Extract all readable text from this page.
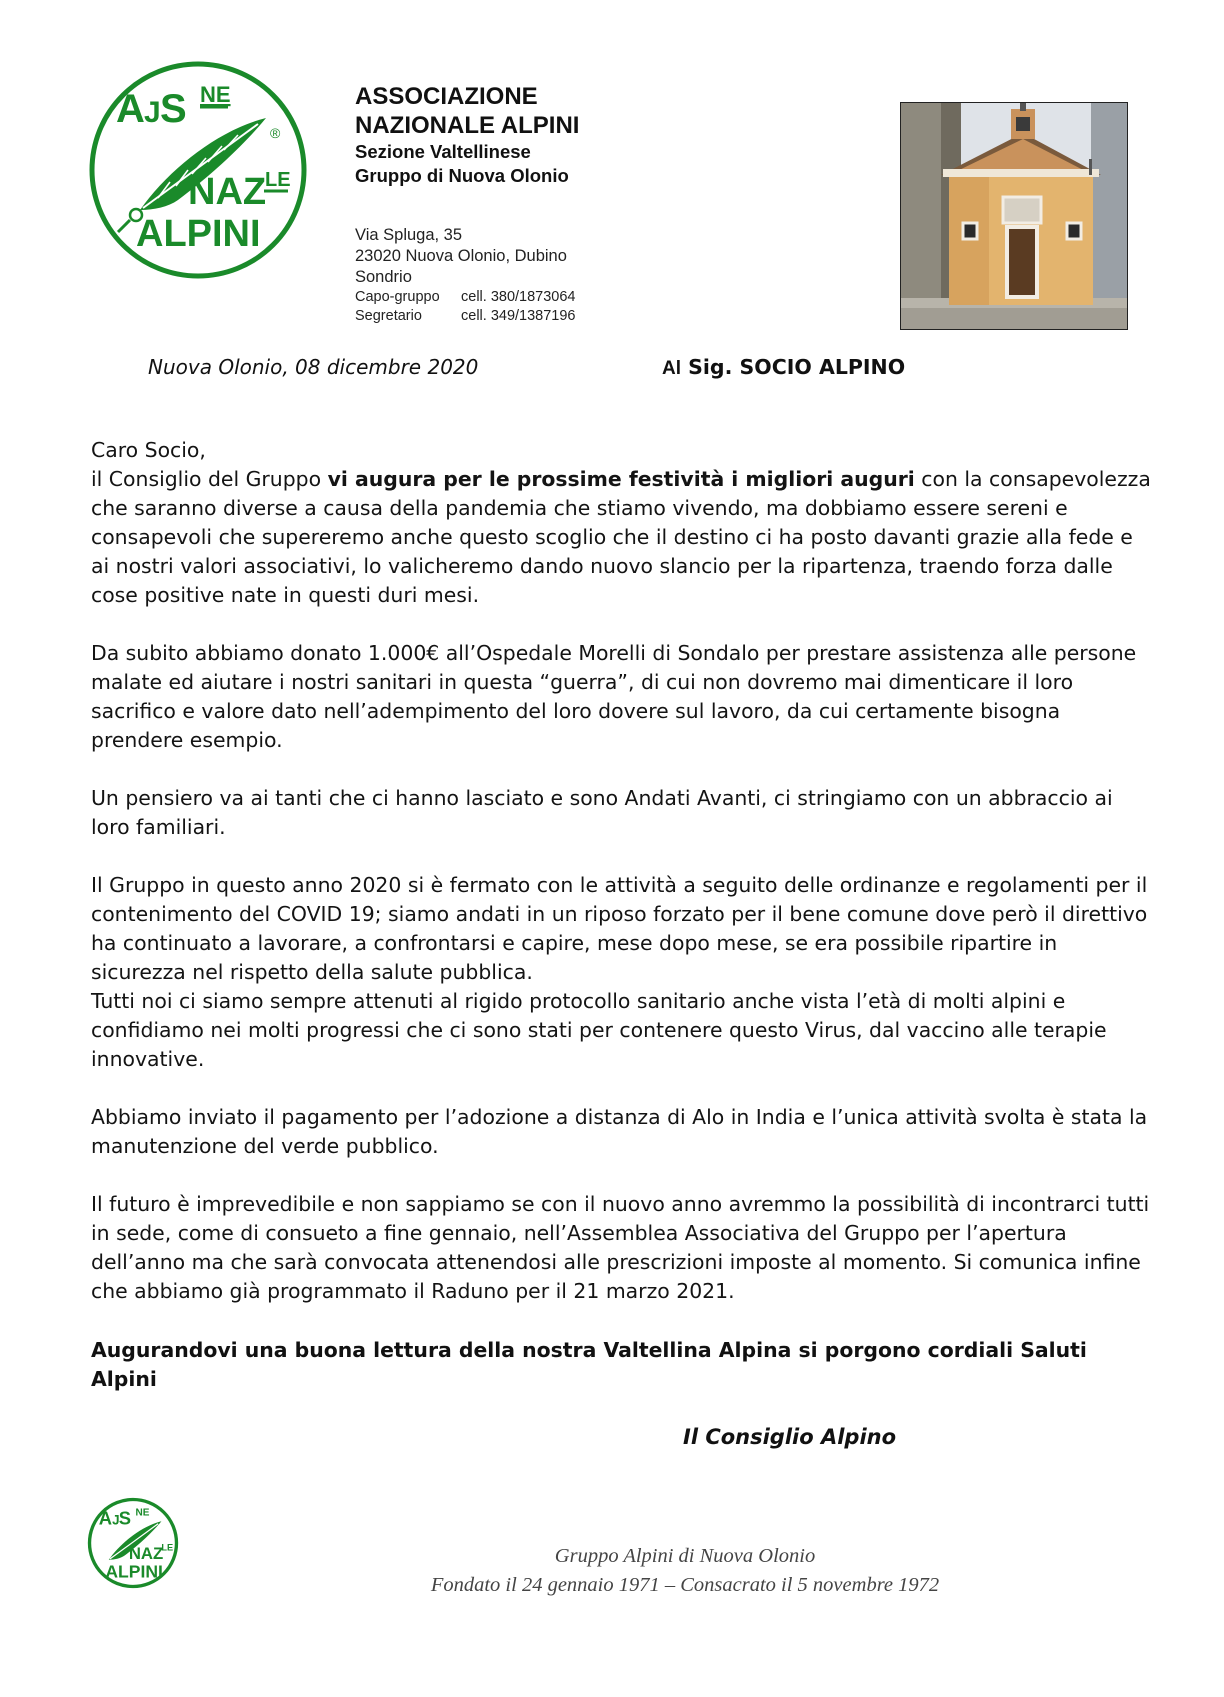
A J S NE
®
NAZ
LE
ALPINI
ASSOCIAZIONE
NAZIONALE ALPINI
Sezione Valtellinese
Gruppo di Nuova Olonio
Via Spluga, 35
23020 Nuova Olonio, Dubino
Sondrio
Capo-gruppo	cell. 380/1873064
Segretario	cell. 349/1387196
Nuova Olonio, 08 dicembre 2020	Al Sig. SOCIO ALPINO

Caro Socio,

il Consiglio del Gruppo vi augura per le prossime festività i migliori auguri con la consapevolezza che saranno diverse a causa della pandemia che stiamo vivendo, ma dobbiamo essere sereni e consapevoli che supereremo anche questo scoglio che il destino ci ha posto davanti grazie alla fede e ai nostri valori associativi, lo valicheremo dando nuovo slancio per la ripartenza, traendo forza dalle cose positive nate in questi duri mesi.

Da subito abbiamo donato 1.000€ all’Ospedale Morelli di Sondalo per prestare assistenza alle persone malate ed aiutare i nostri sanitari in questa “guerra”, di cui non dovremo mai dimenticare il loro sacrifico e valore dato nell’adempimento del loro dovere sul lavoro, da cui certamente bisogna prendere esempio.

Un pensiero va ai tanti che ci hanno lasciato e sono Andati Avanti, ci stringiamo con un abbraccio ai loro familiari.

Il Gruppo in questo anno 2020 si è fermato con le attività a seguito delle ordinanze e regolamenti per il contenimento del COVID 19; siamo andati in un riposo forzato per il bene comune dove però il direttivo ha continuato a lavorare, a confrontarsi e capire, mese dopo mese, se era possibile ripartire in sicurezza nel rispetto della salute pubblica.

Tutti noi ci siamo sempre attenuti al rigido protocollo sanitario anche vista l’età di molti alpini e confidiamo nei molti progressi che ci sono stati per contenere questo Virus, dal vaccino alle terapie innovative.

Abbiamo inviato il pagamento per l’adozione a distanza di Alo in India e l’unica attività svolta è stata la manutenzione del verde pubblico.

Il futuro è imprevedibile e non sappiamo se con il nuovo anno avremmo la possibilità di incontrarci tutti in sede, come di consueto a fine gennaio, nell’Assemblea Associativa del Gruppo per l’apertura dell’anno ma che sarà convocata attenendosi alle prescrizioni imposte al momento. Si comunica infine che abbiamo già programmato il Raduno per il 21 marzo 2021.

Augurandovi una buona lettura della nostra Valtellina Alpina si porgono cordiali Saluti Alpini
Il Consiglio Alpino
A J S NE
NAZ
LE
ALPINI
Gruppo Alpini di Nuova Olonio
Fondato il 24 gennaio 1971 – Consacrato il 5 novembre 1972
